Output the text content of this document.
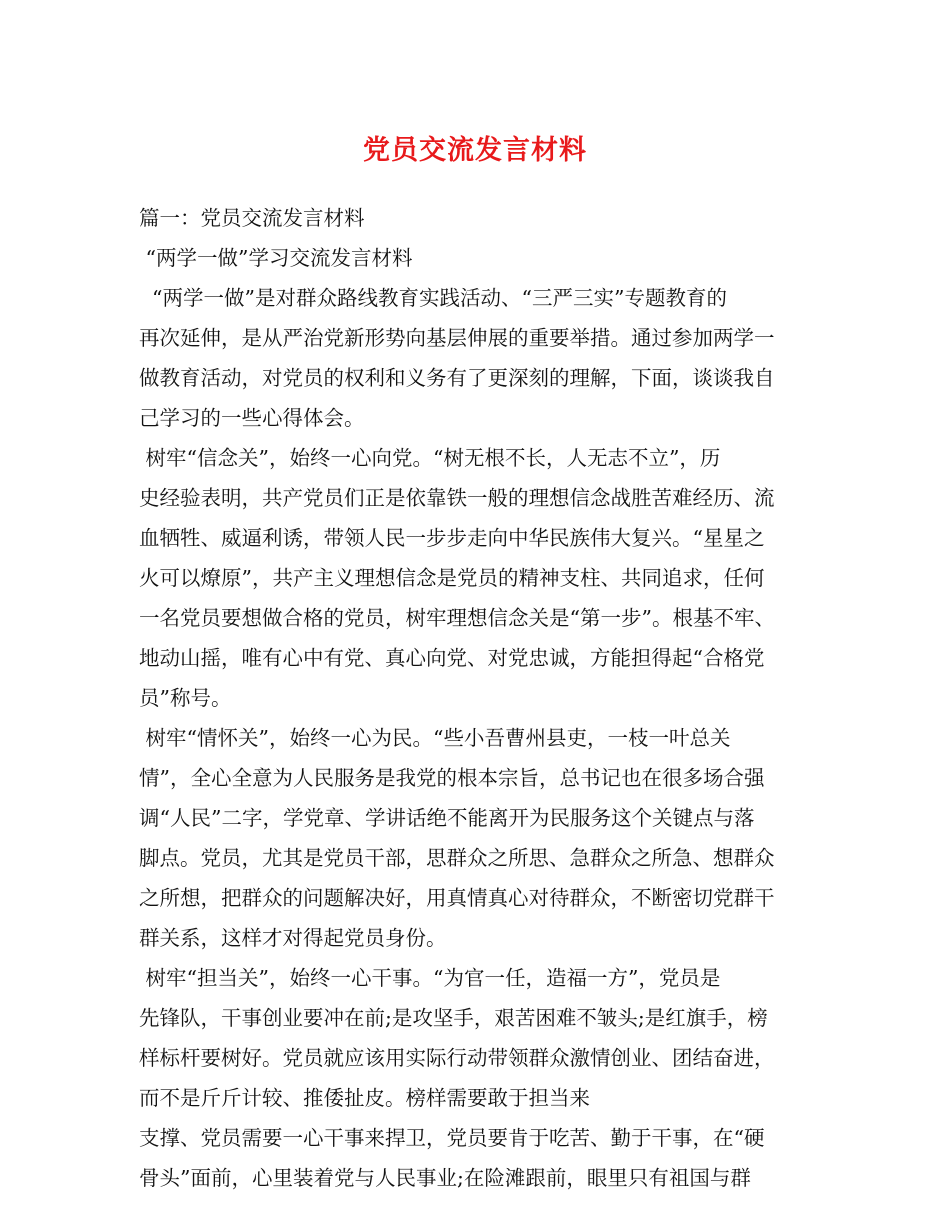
党员交流发言材料
篇一：党员交流发言材料
“两学一做”学习交流发言材料
“两学一做”是对群众路线教育实践活动、“三严三实”专题教育的
再次延伸，是从严治党新形势向基层伸展的重要举措。通过参加两学一
做教育活动，对党员的权利和义务有了更深刻的理解，下面，谈谈我自
己学习的一些心得体会。
树牢“信念关”，始终一心向党。“树无根不长，人无志不立”，历
史经验表明，共产党员们正是依靠铁一般的理想信念战胜苦难经历、流
血牺牲、威逼利诱，带领人民一步步走向中华民族伟大复兴。“星星之
火可以燎原”，共产主义理想信念是党员的精神支柱、共同追求，任何
一名党员要想做合格的党员，树牢理想信念关是“第一步”。根基不牢、
地动山摇，唯有心中有党、真心向党、对党忠诚，方能担得起“合格党
员”称号。
树牢“情怀关”，始终一心为民。“些小吾曹州县吏，一枝一叶总关
情”，全心全意为人民服务是我党的根本宗旨，总书记也在很多场合强
调“人民”二字，学党章、学讲话绝不能离开为民服务这个关键点与落
脚点。党员，尤其是党员干部，思群众之所思、急群众之所急、想群众
之所想，把群众的问题解决好，用真情真心对待群众，不断密切党群干
群关系，这样才对得起党员身份。
树牢“担当关”，始终一心干事。“为官一任，造福一方”，党员是
先锋队，干事创业要冲在前;是攻坚手，艰苦困难不皱头;是红旗手，榜
样标杆要树好。党员就应该用实际行动带领群众激情创业、团结奋进，
而不是斤斤计较、推倭扯皮。榜样需要敢于担当来
支撑、党员需要一心干事来捍卫，党员要肯于吃苦、勤于干事，在“硬
骨头”面前，心里装着党与人民事业;在险滩跟前，眼里只有祖国与群
